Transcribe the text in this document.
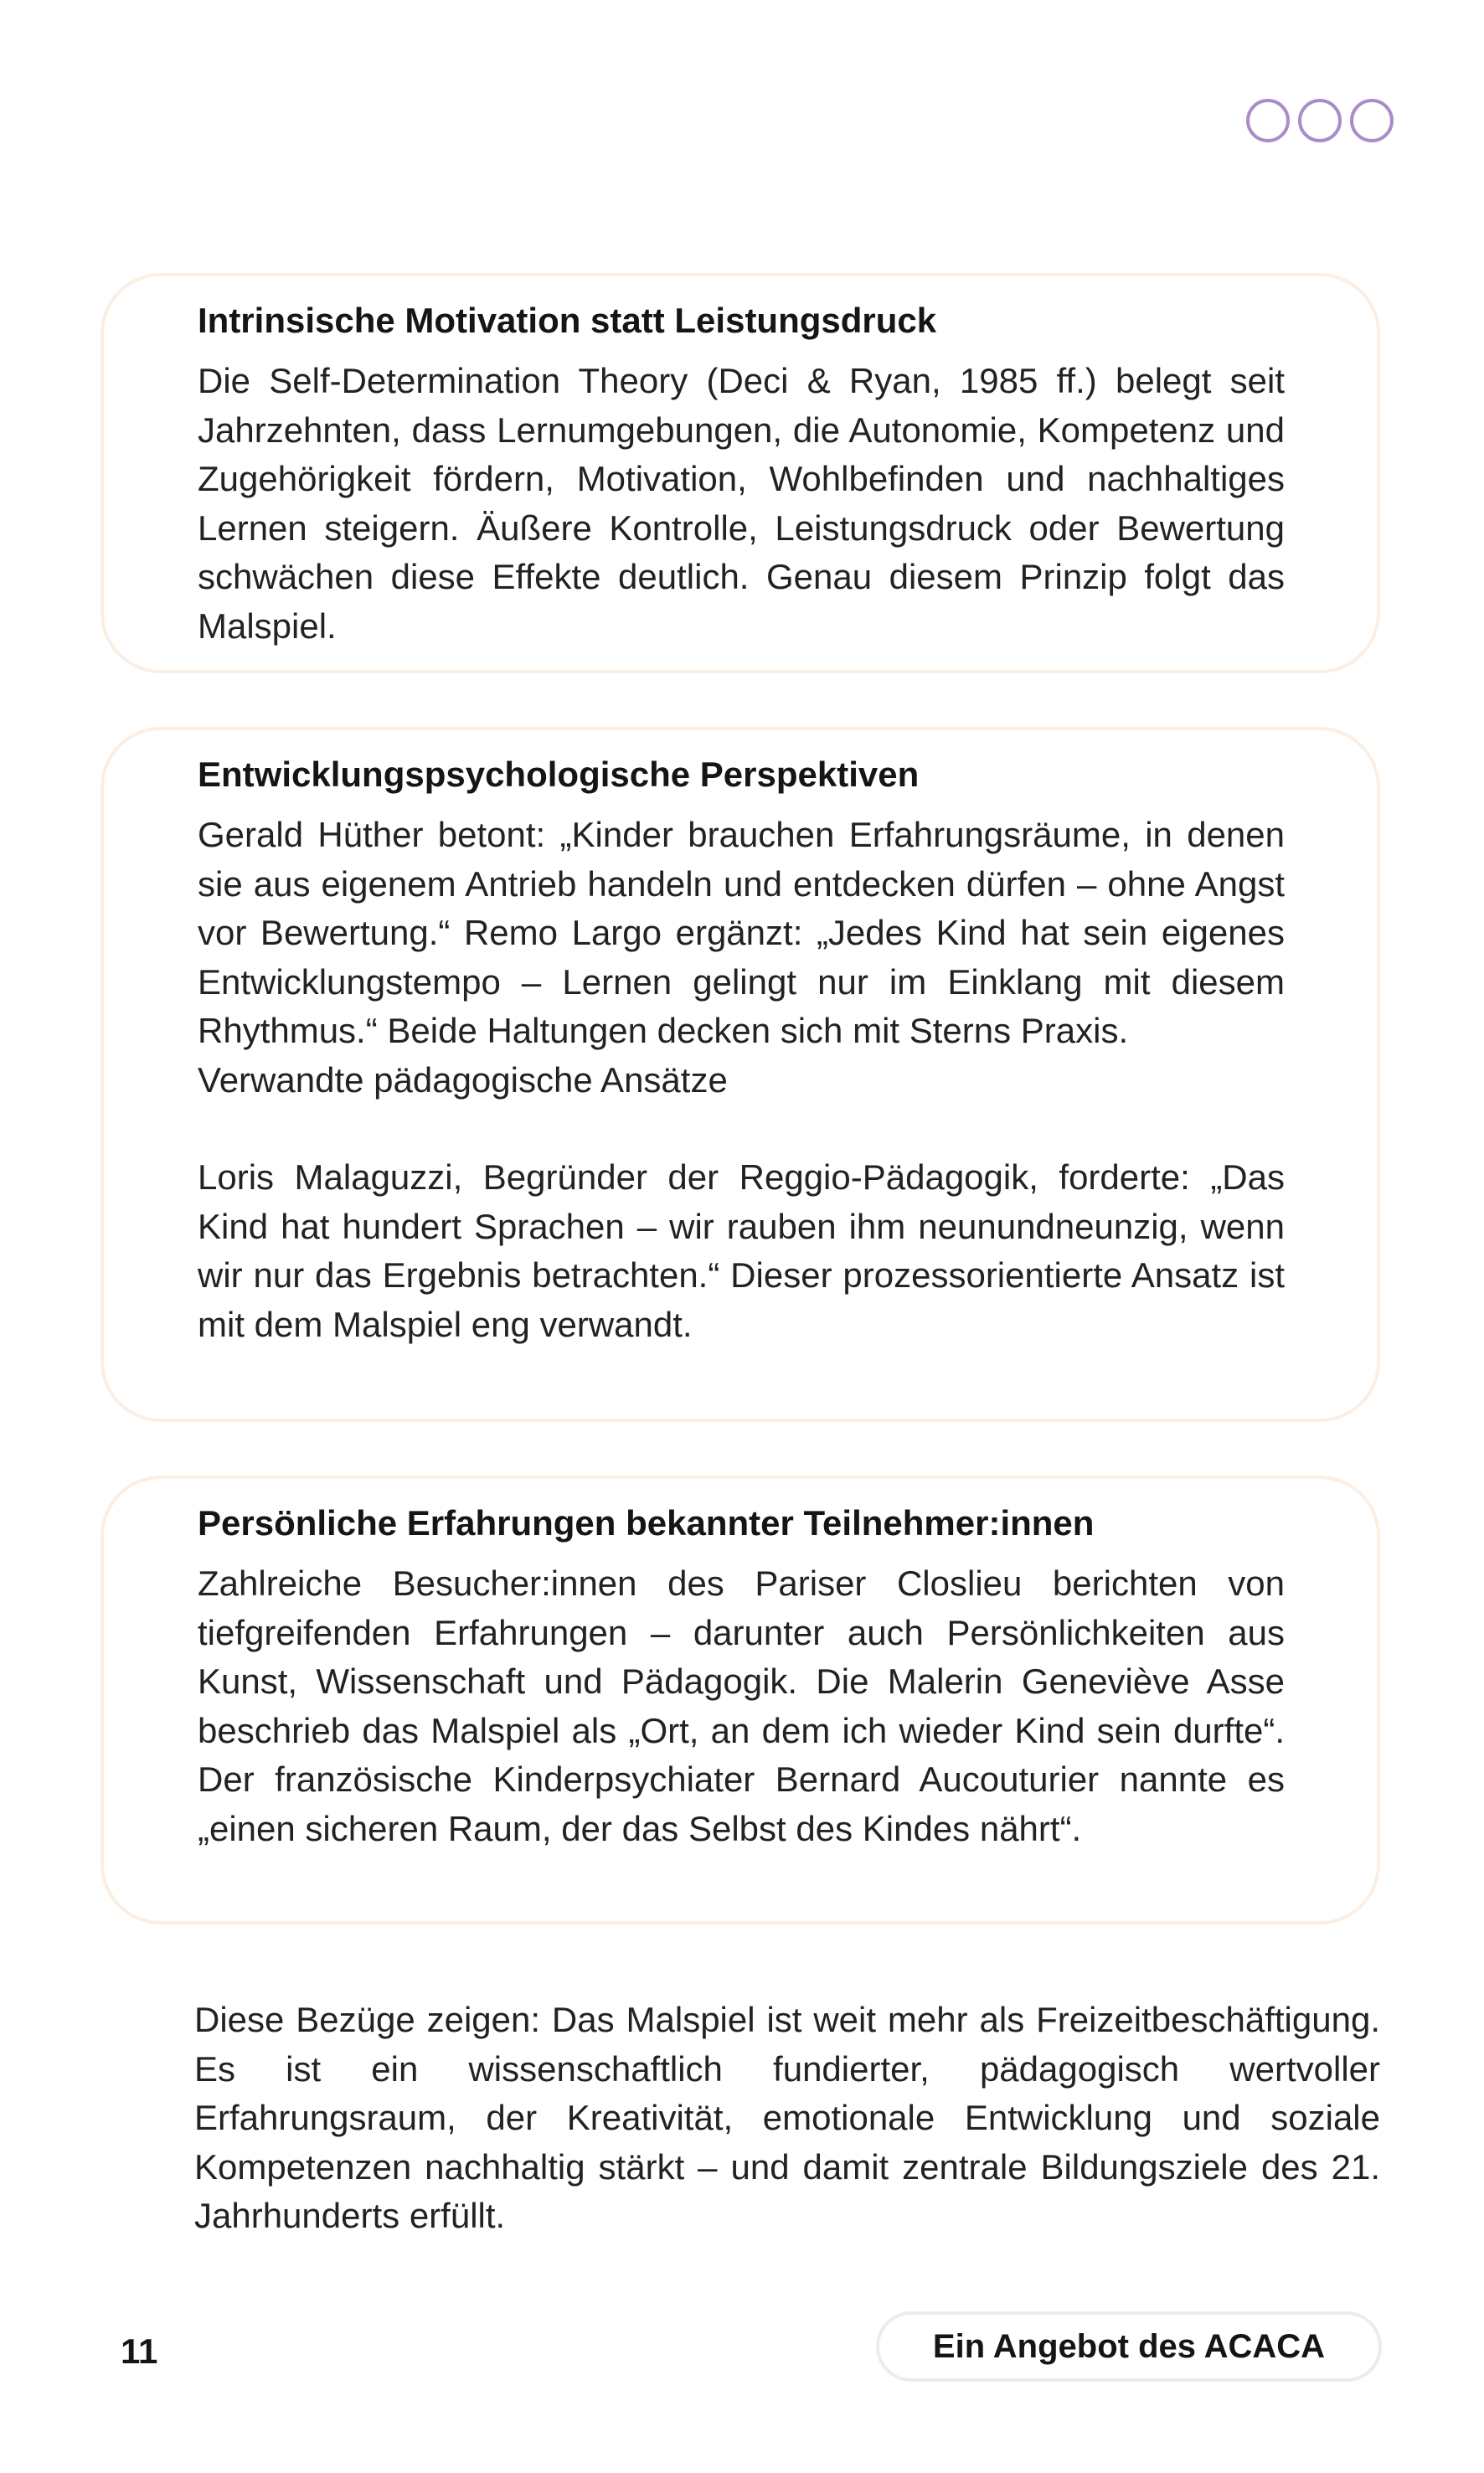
Intrinsische Motivation statt Leistungsdruck

Die Self-Determination Theory (Deci & Ryan, 1985 ff.) belegt seit Jahrzehnten, dass Lernumgebungen, die Autonomie, Kompetenz und Zugehörigkeit fördern, Motivation, Wohlbefinden und nachhaltiges Lernen steigern. Äußere Kontrolle, Leistungsdruck oder Bewertung schwächen diese Effekte deutlich. Genau diesem Prinzip folgt das Malspiel.

Entwicklungspsychologische Perspektiven

Gerald Hüther betont: „Kinder brauchen Erfahrungsräume, in denen sie aus eigenem Antrieb handeln und entdecken dürfen – ohne Angst vor Bewertung.“ Remo Largo ergänzt: „Jedes Kind hat sein eigenes Entwicklungstempo – Lernen gelingt nur im Einklang mit diesem Rhythmus.“ Beide Haltungen decken sich mit Sterns Praxis.

Verwandte pädagogische Ansätze

Loris Malaguzzi, Begründer der Reggio-Pädagogik, forderte: „Das Kind hat hundert Sprachen – wir rauben ihm neunundneunzig, wenn wir nur das Ergebnis betrachten.“ Dieser prozessorientierte Ansatz ist mit dem Malspiel eng verwandt.

Persönliche Erfahrungen bekannter Teilnehmer:innen

Zahlreiche Besucher:innen des Pariser Closlieu berichten von tiefgreifenden Erfahrungen – darunter auch Persönlichkeiten aus Kunst, Wissenschaft und Pädagogik. Die Malerin Geneviève Asse beschrieb das Malspiel als „Ort, an dem ich wieder Kind sein durfte“. Der französische Kinderpsychiater Bernard Aucouturier nannte es „einen sicheren Raum, der das Selbst des Kindes nährt“.

Diese Bezüge zeigen: Das Malspiel ist weit mehr als Freizeitbeschäftigung. Es ist ein wissenschaftlich fundierter, pädagogisch wertvoller Erfahrungsraum, der Kreativität, emotionale Entwicklung und soziale Kompetenzen nachhaltig stärkt – und damit zentrale Bildungsziele des 21. Jahrhunderts erfüllt.

11	Ein Angebot des ACACA
